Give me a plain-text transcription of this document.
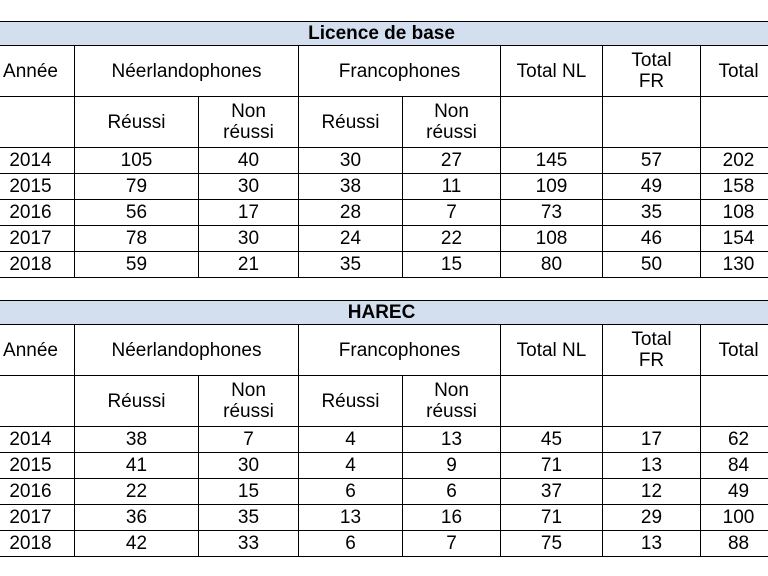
Licence de base							
Année	Néerlandophones		Francophones		Total NL	Total FR	Total
	Réussi	Non réussi	Réussi	Non réussi			
2014	105	40	30	27	145	57	202
2015	79	30	38	11	109	49	158
2016	56	17	28	7	73	35	108
2017	78	30	24	22	108	46	154
2018	59	21	35	15	80	50	130
HAREC							
Année	Néerlandophones		Francophones		Total NL	Total FR	Total
	Réussi	Non réussi	Réussi	Non réussi			
2014	38	7	4	13	45	17	62
2015	41	30	4	9	71	13	84
2016	22	15	6	6	37	12	49
2017	36	35	13	16	71	29	100
2018	42	33	6	7	75	13	88
